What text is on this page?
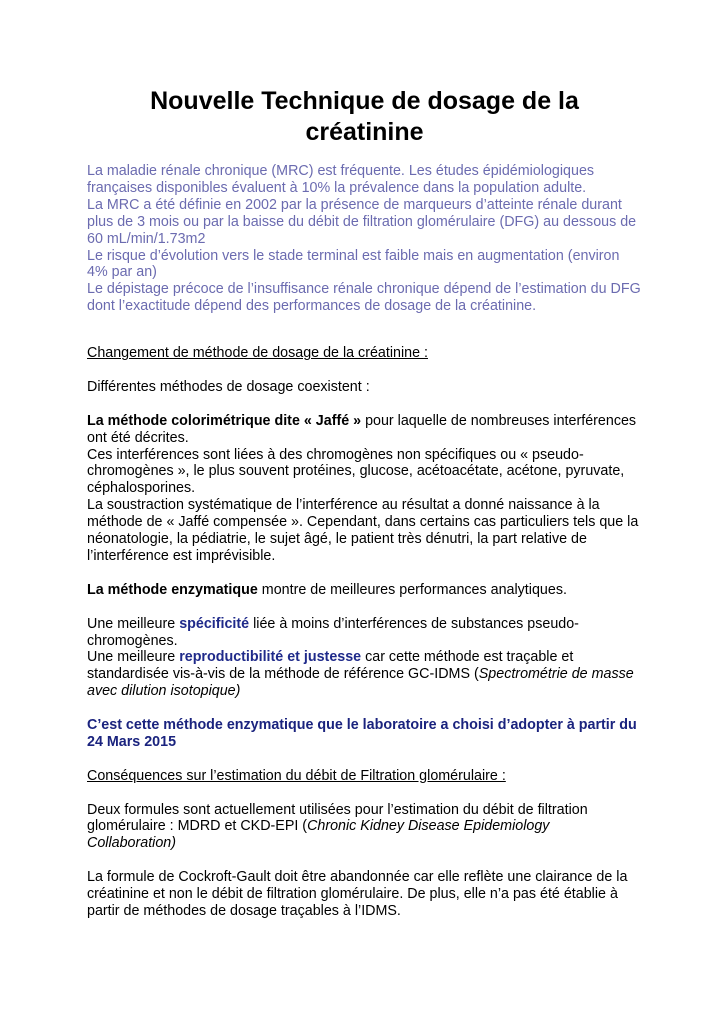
Nouvelle Technique de dosage de la créatinine

La maladie rénale chronique (MRC) est fréquente. Les études épidémiologiques françaises disponibles évaluent à 10% la prévalence dans la population adulte.

La MRC a été définie en 2002 par la présence de marqueurs d’atteinte rénale durant plus de 3 mois ou par la baisse du débit de filtration glomérulaire (DFG) au dessous de 60 mL/min/1.73m2

Le risque d’évolution vers le stade terminal est faible mais en augmentation (environ 4% par an)

Le dépistage précoce de l’insuffisance rénale chronique dépend de l’estimation du DFG dont l’exactitude dépend des performances de dosage de la créatinine.

Changement de méthode de dosage de la créatinine :

Différentes méthodes de dosage coexistent :

La méthode colorimétrique dite « Jaffé » pour laquelle de nombreuses interférences ont été décrites.

Ces interférences sont liées à des chromogènes non spécifiques ou « pseudo-chromogènes », le plus souvent protéines, glucose, acétoacétate, acétone, pyruvate, céphalosporines.

La soustraction systématique de l’interférence au résultat a donné naissance à la méthode de « Jaffé compensée ». Cependant, dans certains cas particuliers tels que la néonatologie, la pédiatrie, le sujet âgé, le patient très dénutri, la part relative de l’interférence est imprévisible.

La méthode enzymatique montre de meilleures performances analytiques.

Une meilleure spécificité liée à moins d’interférences de substances pseudo-chromogènes.

Une meilleure reproductibilité et justesse car cette méthode est traçable et standardisée vis-à-vis de la méthode de référence GC-IDMS (Spectrométrie de masse avec dilution isotopique)

C’est cette méthode enzymatique que le laboratoire a choisi d’adopter à partir du 24 Mars 2015

Conséquences sur l’estimation du débit de Filtration glomérulaire :

Deux formules sont actuellement utilisées pour l’estimation du débit de filtration glomérulaire : MDRD et CKD-EPI (Chronic Kidney Disease Epidemiology Collaboration)

La formule de Cockroft-Gault doit être abandonnée car elle reflète une clairance de la créatinine et non le débit de filtration glomérulaire. De plus, elle n’a pas été établie à partir de méthodes de dosage traçables à l’IDMS.
